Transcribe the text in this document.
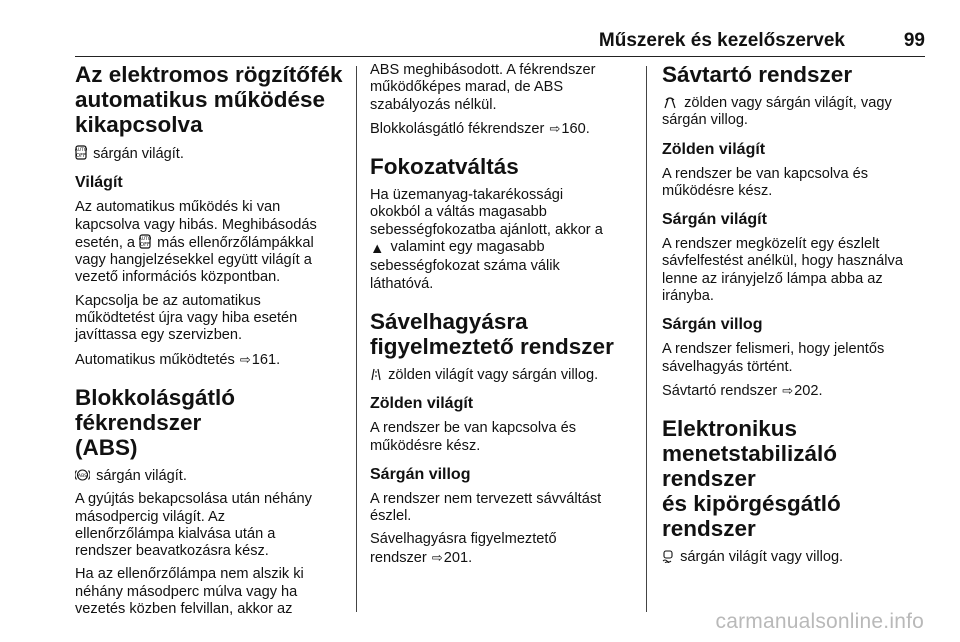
Műszerek és kezelőszervek	99
Az elektromos rögzítőfék
automatikus működése
kikapcsolva
AUTO
OFF sárgán világít.
Világít
Az automatikus működés ki van
kapcsolva vagy hibás. Meghibásodás
esetén, a AUTO
OFF más ellenőrzőlámpákkal
vagy hangjelzésekkel együtt világít a
vezető információs központban.
Kapcsolja be az automatikus
működtetést újra vagy hiba esetén
javíttassa egy szervizben.
Automatikus működtetés ⇨161.
Blokkolásgátló fékrendszer
(ABS)
ABS sárgán világít.
A gyújtás bekapcsolása után néhány
másodpercig világít. Az
ellenőrzőlámpa kialvása után a
rendszer beavatkozásra kész.
Ha az ellenőrzőlámpa nem alszik ki
néhány másodperc múlva vagy ha
vezetés közben felvillan, akkor az
ABS meghibásodott. A fékrendszer
működőképes marad, de ABS
szabályozás nélkül.
Blokkolásgátló fékrendszer ⇨160.
Fokozatváltás
Ha üzemanyag-takarékossági
okokból a váltás magasabb
sebességfokozatba ajánlott, akkor a
▲ valamint egy magasabb
sebességfokozat száma válik
láthatóvá.
Sávelhagyásra
figyelmeztető rendszer
zölden világít vagy sárgán villog.
Zölden világít
A rendszer be van kapcsolva és
működésre kész.
Sárgán villog
A rendszer nem tervezett sávváltást
észlel.
Sávelhagyásra figyelmeztető
rendszer ⇨201.
Sávtartó rendszer
zölden vagy sárgán világít, vagy
sárgán villog.
Zölden világít
A rendszer be van kapcsolva és
működésre kész.
Sárgán világít
A rendszer megközelít egy észlelt
sávfelfestést anélkül, hogy használva
lenne az irányjelző lámpa abba az
irányba.
Sárgán villog
A rendszer felismeri, hogy jelentős
sávelhagyás történt.
Sávtartó rendszer ⇨202.
Elektronikus
menetstabilizáló rendszer
és kipörgésgátló rendszer
sárgán világít vagy villog.
carmanualsonline.info
